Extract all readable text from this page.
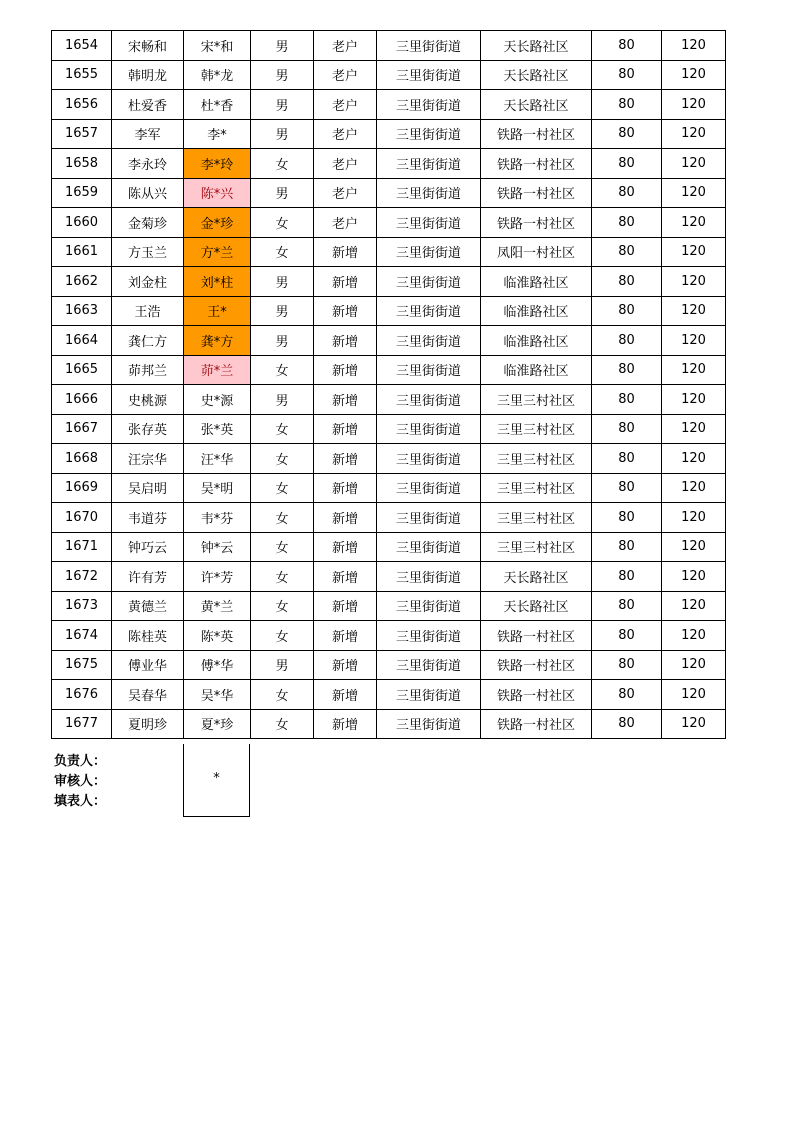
1654	宋畅和	宋*和	男	老户	三里街街道	天长路社区	80	120
1655	韩明龙	韩*龙	男	老户	三里街街道	天长路社区	80	120
1656	杜爱香	杜*香	男	老户	三里街街道	天长路社区	80	120
1657	李军	李*	男	老户	三里街街道	铁路一村社区	80	120
1658	李永玲	李*玲	女	老户	三里街街道	铁路一村社区	80	120
1659	陈从兴	陈*兴	男	老户	三里街街道	铁路一村社区	80	120
1660	金菊珍	金*珍	女	老户	三里街街道	铁路一村社区	80	120
1661	方玉兰	方*兰	女	新增	三里街街道	凤阳一村社区	80	120
1662	刘金柱	刘*柱	男	新增	三里街街道	临淮路社区	80	120
1663	王浩	王*	男	新增	三里街街道	临淮路社区	80	120
1664	龚仁方	龚*方	男	新增	三里街街道	临淮路社区	80	120
1665	茆邦兰	茆*兰	女	新增	三里街街道	临淮路社区	80	120
1666	史桃源	史*源	男	新增	三里街街道	三里三村社区	80	120
1667	张存英	张*英	女	新增	三里街街道	三里三村社区	80	120
1668	汪宗华	汪*华	女	新增	三里街街道	三里三村社区	80	120
1669	吴启明	吴*明	女	新增	三里街街道	三里三村社区	80	120
1670	韦道芬	韦*芬	女	新增	三里街街道	三里三村社区	80	120
1671	钟巧云	钟*云	女	新增	三里街街道	三里三村社区	80	120
1672	许有芳	许*芳	女	新增	三里街街道	天长路社区	80	120
1673	黄德兰	黄*兰	女	新增	三里街街道	天长路社区	80	120
1674	陈桂英	陈*英	女	新增	三里街街道	铁路一村社区	80	120
1675	傅业华	傅*华	男	新增	三里街街道	铁路一村社区	80	120
1676	吴春华	吴*华	女	新增	三里街街道	铁路一村社区	80	120
1677	夏明珍	夏*珍	女	新增	三里街街道	铁路一村社区	80	120
负责人：
审核人：
填表人：
*
